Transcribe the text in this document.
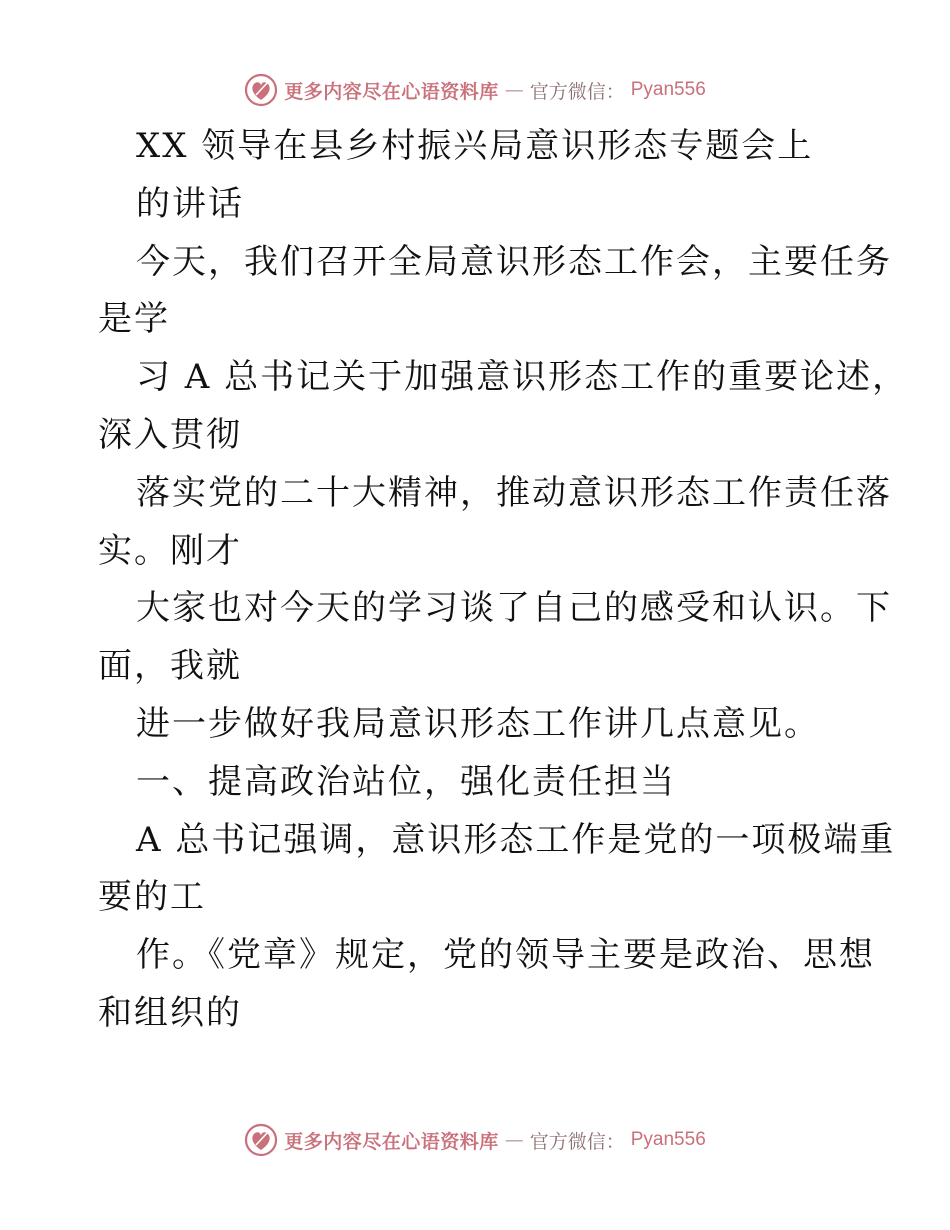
更多内容尽在心语资料库 — 官方微信： Pyan556
XX 领导在县乡村振兴局意识形态专题会上
的讲话
今天，我们召开全局意识形态工作会，主要任务
是学
习 A 总书记关于加强意识形态工作的重要论述，
深入贯彻
落实党的二十大精神，推动意识形态工作责任落
实。刚才
大家也对今天的学习谈了自己的感受和认识。下
面，我就
进一步做好我局意识形态工作讲几点意见。
一、提高政治站位，强化责任担当
A 总书记强调，意识形态工作是党的一项极端重
要的工
作。《党章》规定，党的领导主要是政治、思想
和组织的
更多内容尽在心语资料库 — 官方微信： Pyan556
